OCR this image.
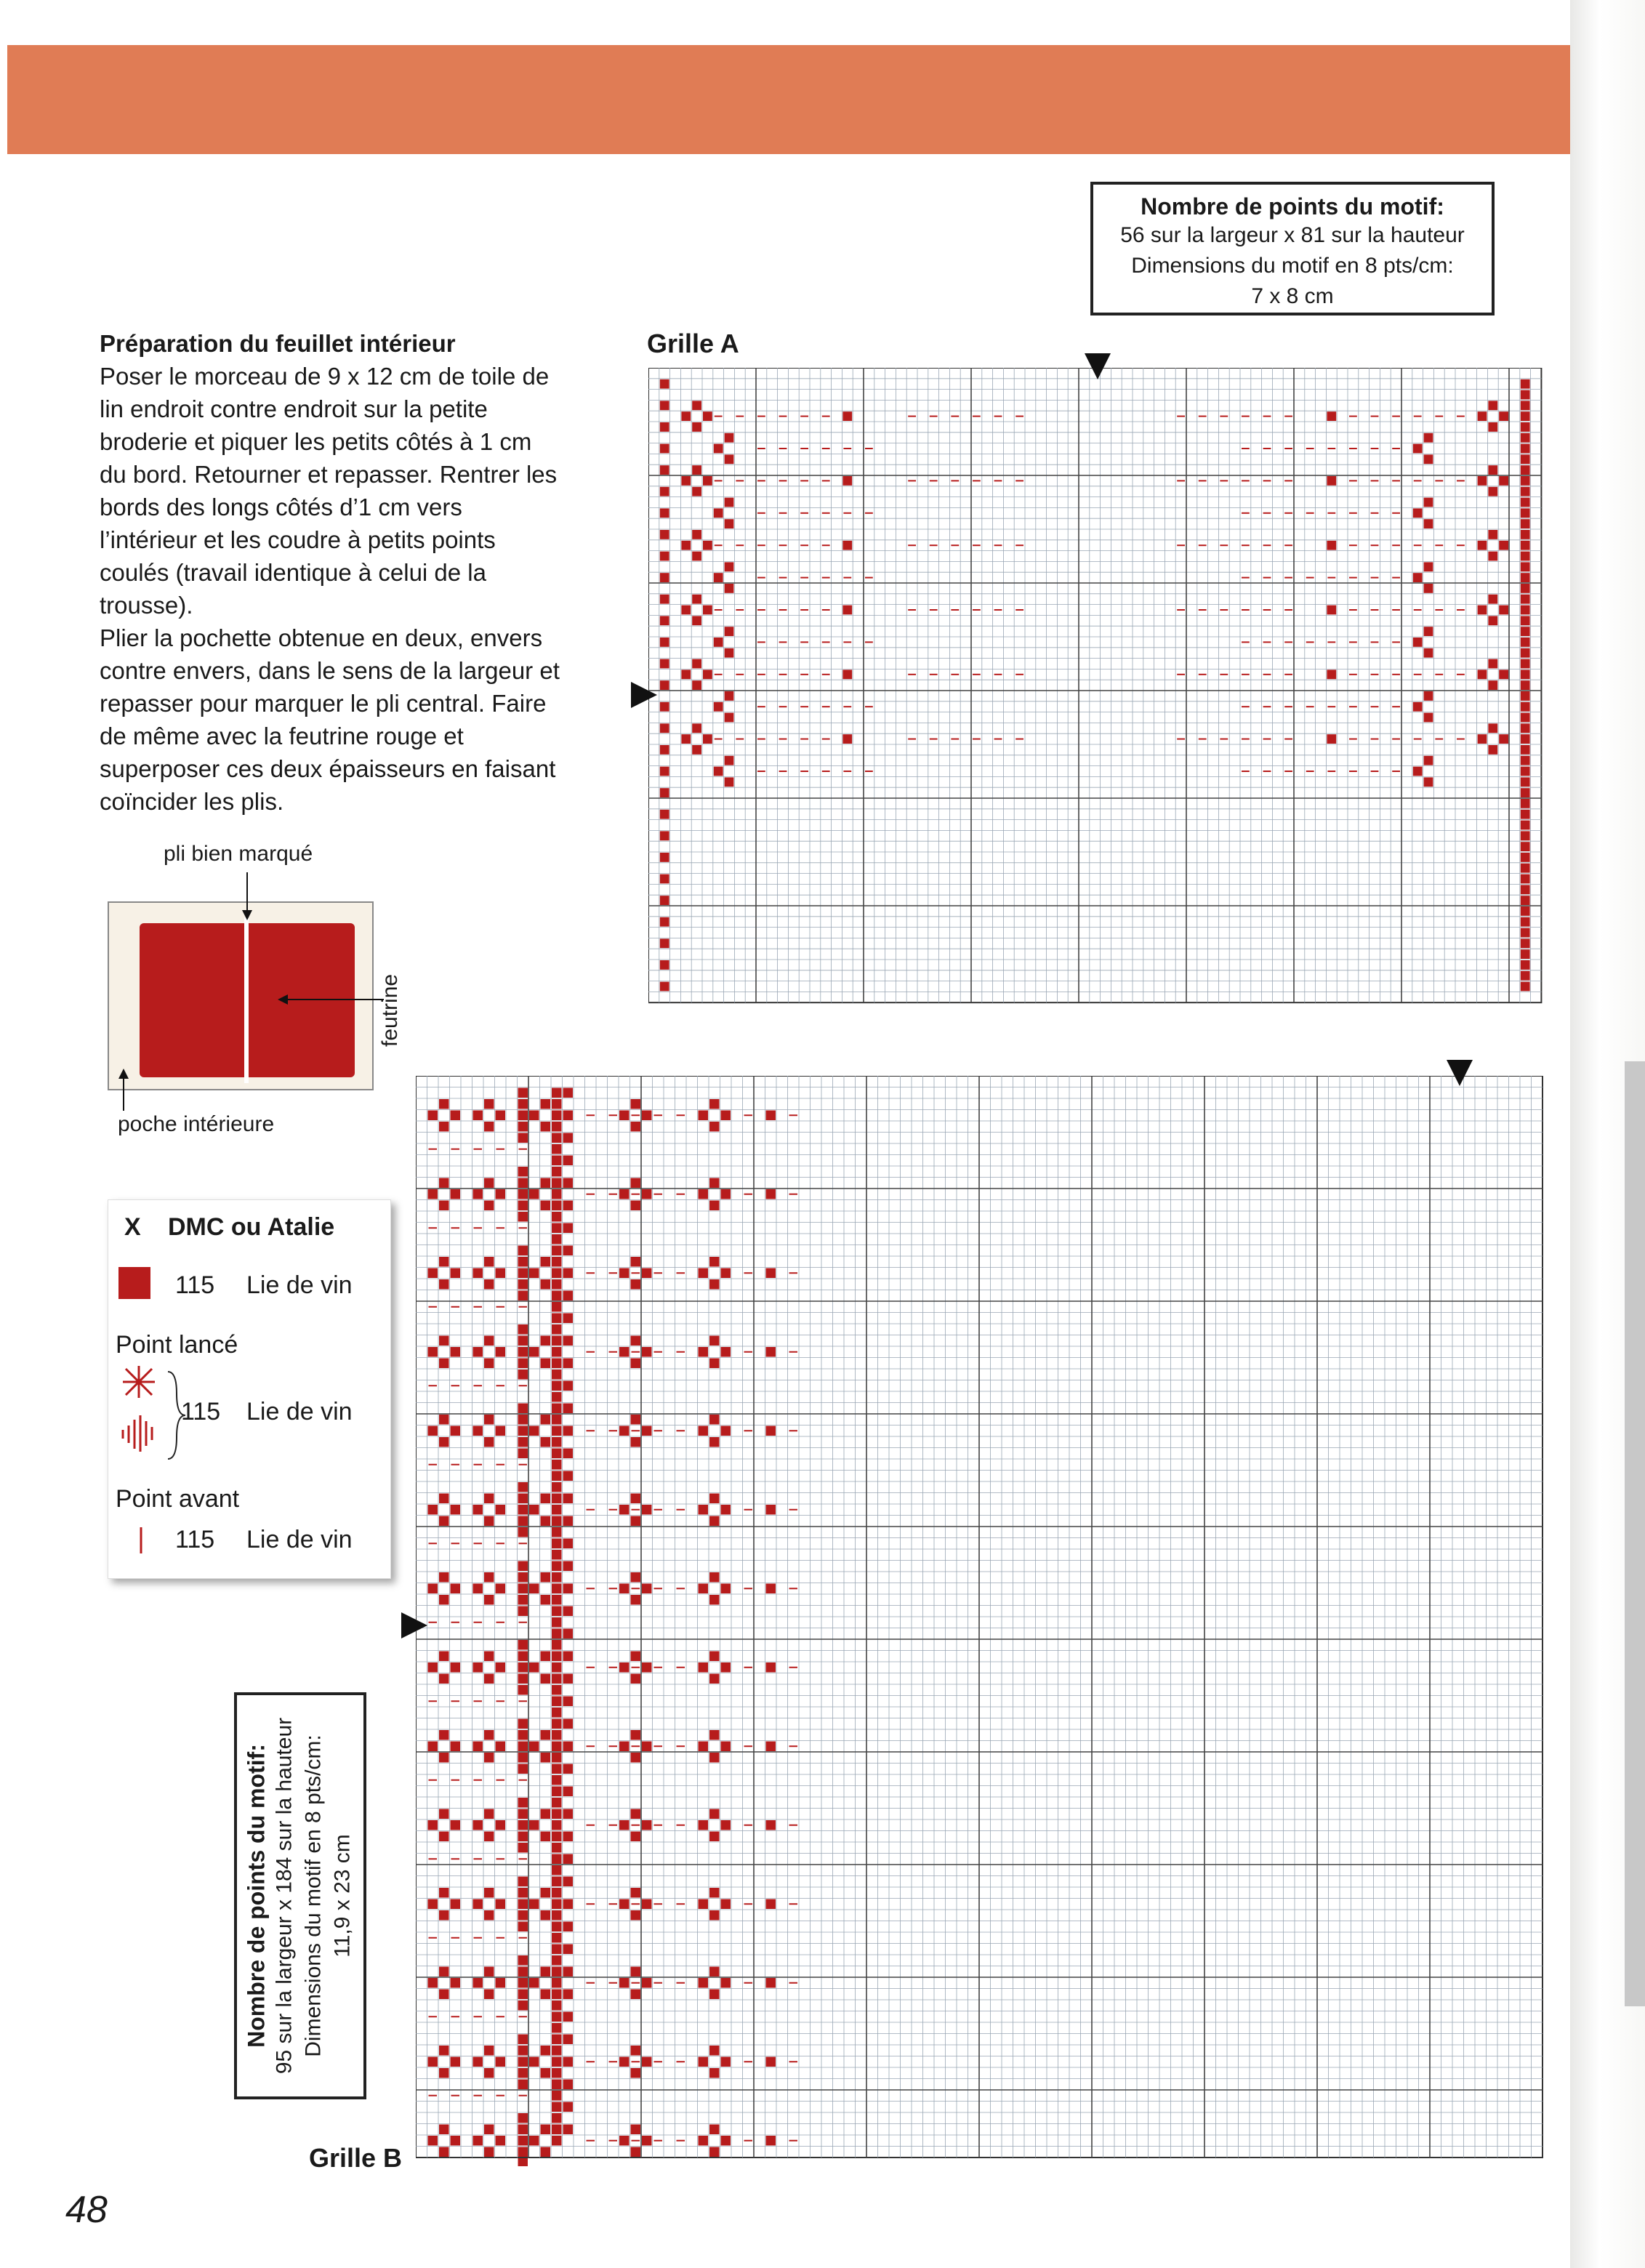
Nombre de points du motif:
56 sur la largeur x 81 sur la hauteur
Dimensions du motif en 8 pts/cm:
7 x 8 cm
Préparation du feuillet intérieur
Poser le morceau de 9 x 12 cm de toile de lin endroit contre endroit sur la petite broderie et piquer les petits côtés à 1 cm du bord. Retourner et repasser. Rentrer les bords des longs côtés d’1 cm vers l’intérieur et les coudre à petits points coulés (travail identique à celui de la trousse).
Plier la pochette obtenue en deux, envers contre envers, dans le sens de la largeur et repasser pour marquer le pli central. Faire de même avec la feutrine rouge et superposer ces deux épaisseurs en faisant coïncider les plis.
Grille A
Grille B
pli bien marqué
feutrine
poche intérieure
X DMC ou Atalie
115 Lie de vin
Point lancé
115 Lie de vin
Point avant
115 Lie de vin
Nombre de points du motif: 95 sur la largeur x 184 sur la hauteur Dimensions du motif en 8 pts/cm: 11,9 x 23 cm
48
